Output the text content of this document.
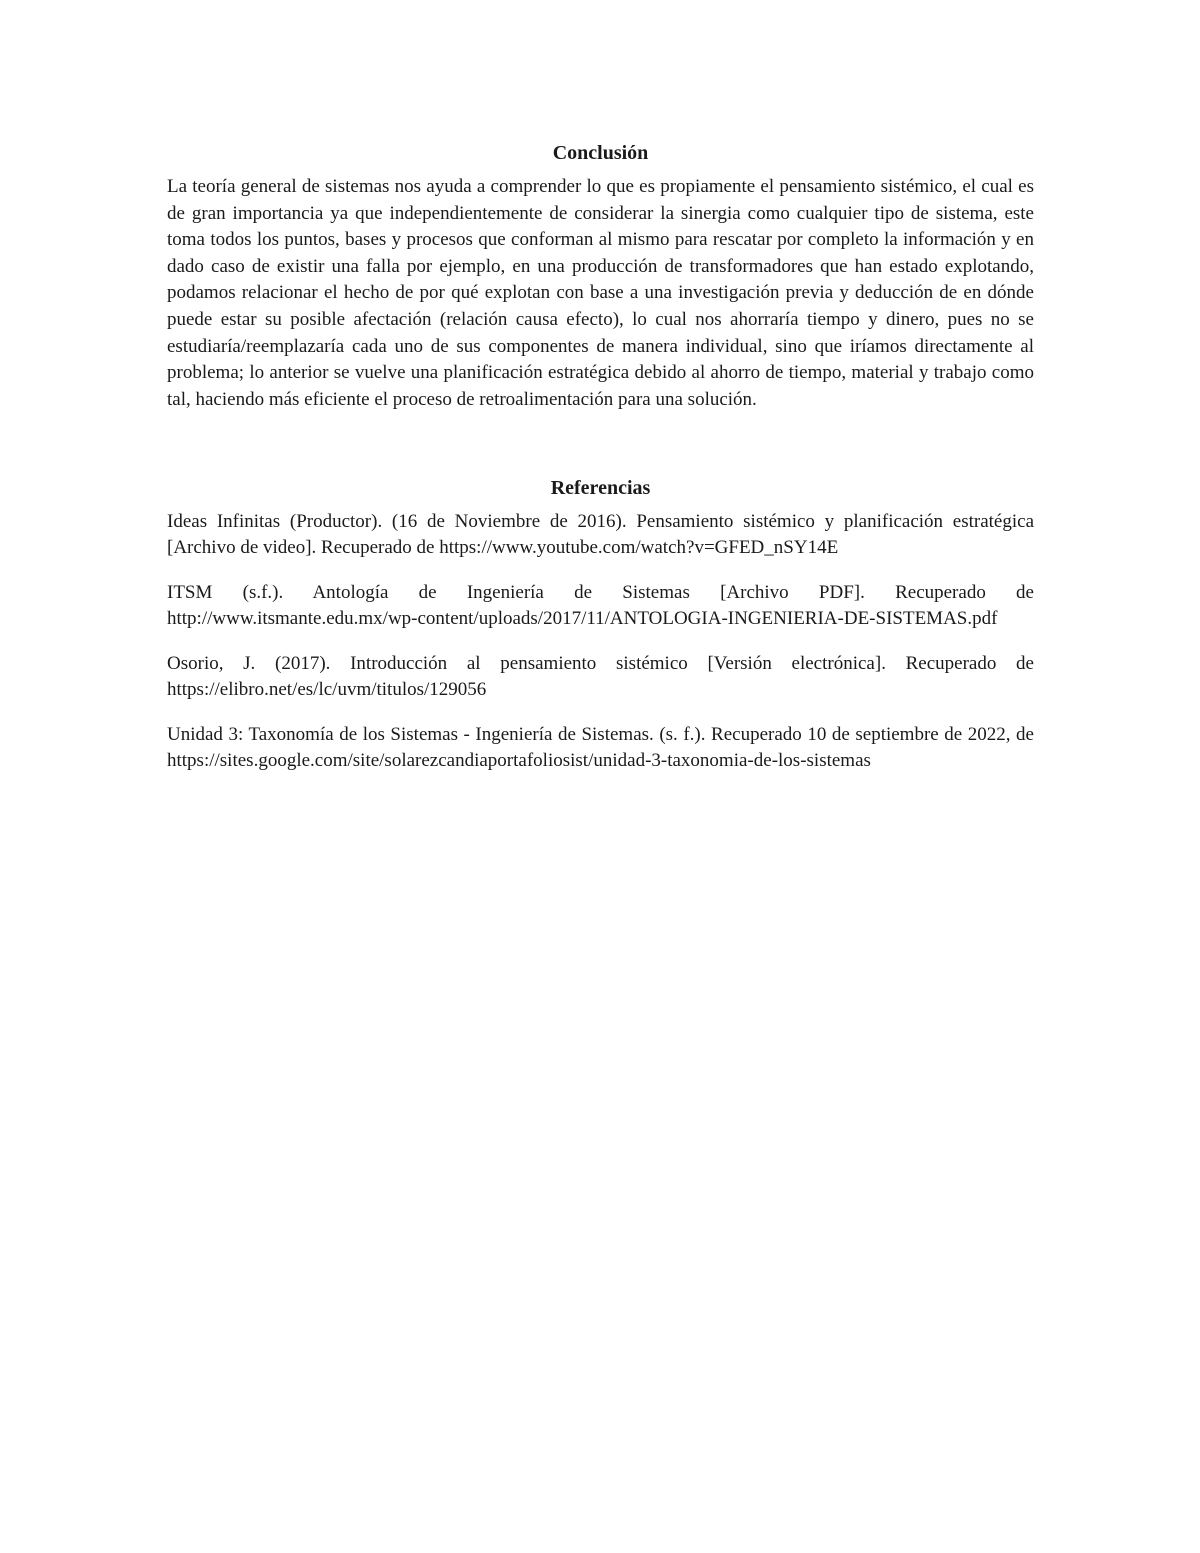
Conclusión

La teoría general de sistemas nos ayuda a comprender lo que es propiamente el pensamiento sistémico, el cual es de gran importancia ya que independientemente de considerar la sinergia como cualquier tipo de sistema, este toma todos los puntos, bases y procesos que conforman al mismo para rescatar por completo la información y en dado caso de existir una falla por ejemplo, en una producción de transformadores que han estado explotando, podamos relacionar el hecho de por qué explotan con base a una investigación previa y deducción de en dónde puede estar su posible afectación (relación causa efecto), lo cual nos ahorraría tiempo y dinero, pues no se estudiaría/reemplazaría cada uno de sus componentes de manera individual, sino que iríamos directamente al problema; lo anterior se vuelve una planificación estratégica debido al ahorro de tiempo, material y trabajo como tal, haciendo más eficiente el proceso de retroalimentación para una solución.

Referencias
Ideas Infinitas (Productor). (16 de Noviembre de 2016). Pensamiento sistémico y planificación estratégica [Archivo de video]. Recuperado de https://www.youtube.com/watch?v=GFED_nSY14E
ITSM (s.f.). Antología de Ingeniería de Sistemas [Archivo PDF]. Recuperado de http://www.itsmante.edu.mx/wp-content/uploads/2017/11/ANTOLOGIA-INGENIERIA-DE-SISTEMAS.pdf
Osorio, J. (2017). Introducción al pensamiento sistémico [Versión electrónica]. Recuperado de https://elibro.net/es/lc/uvm/titulos/129056
Unidad 3: Taxonomía de los Sistemas - Ingeniería de Sistemas. (s. f.). Recuperado 10 de septiembre de 2022, de https://sites.google.com/site/solarezcandiaportafoliosist/unidad-3-taxonomia-de-los-sistemas
